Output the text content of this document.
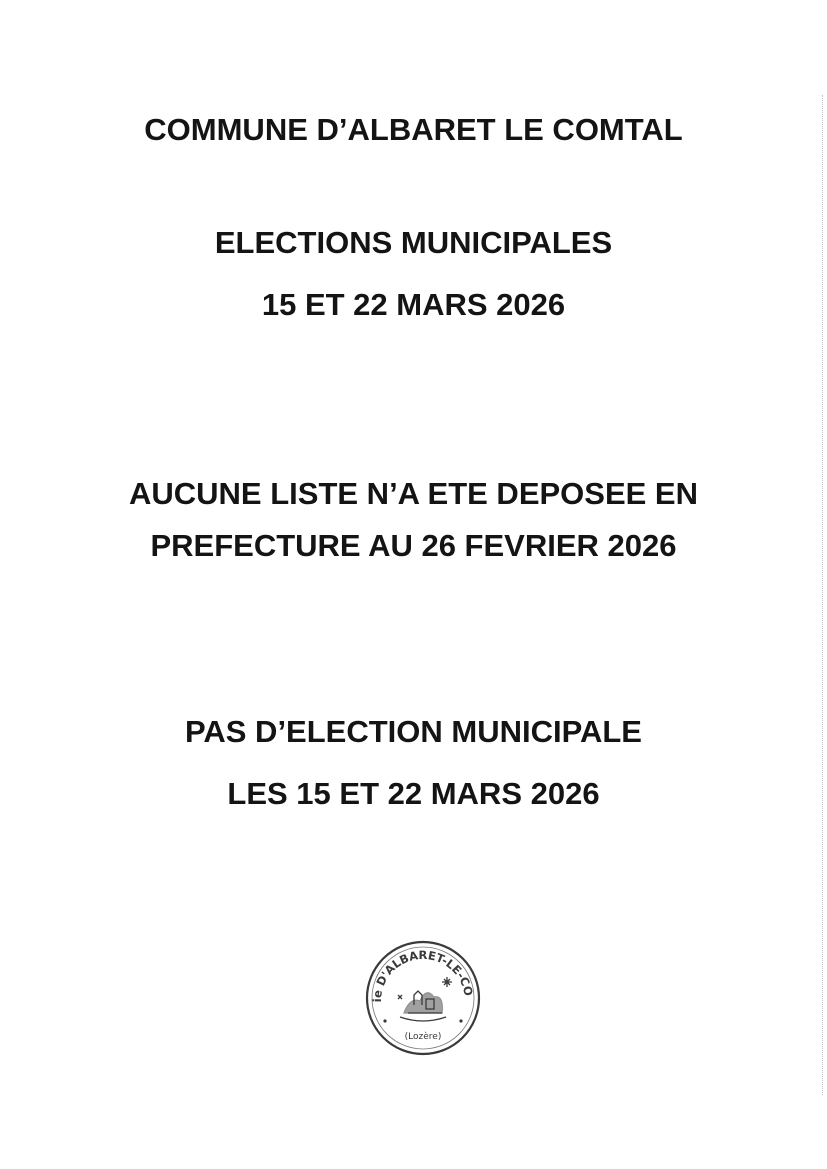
COMMUNE D’ALBARET LE COMTAL
ELECTIONS MUNICIPALES
15 ET 22 MARS 2026
AUCUNE LISTE N’A ETE DEPOSEE EN
PREFECTURE AU 26 FEVRIER 2026
PAS D’ELECTION MUNICIPALE
LES 15 ET 22 MARS 2026
ie D'ALBARET-LE-CO
(Lozère)
